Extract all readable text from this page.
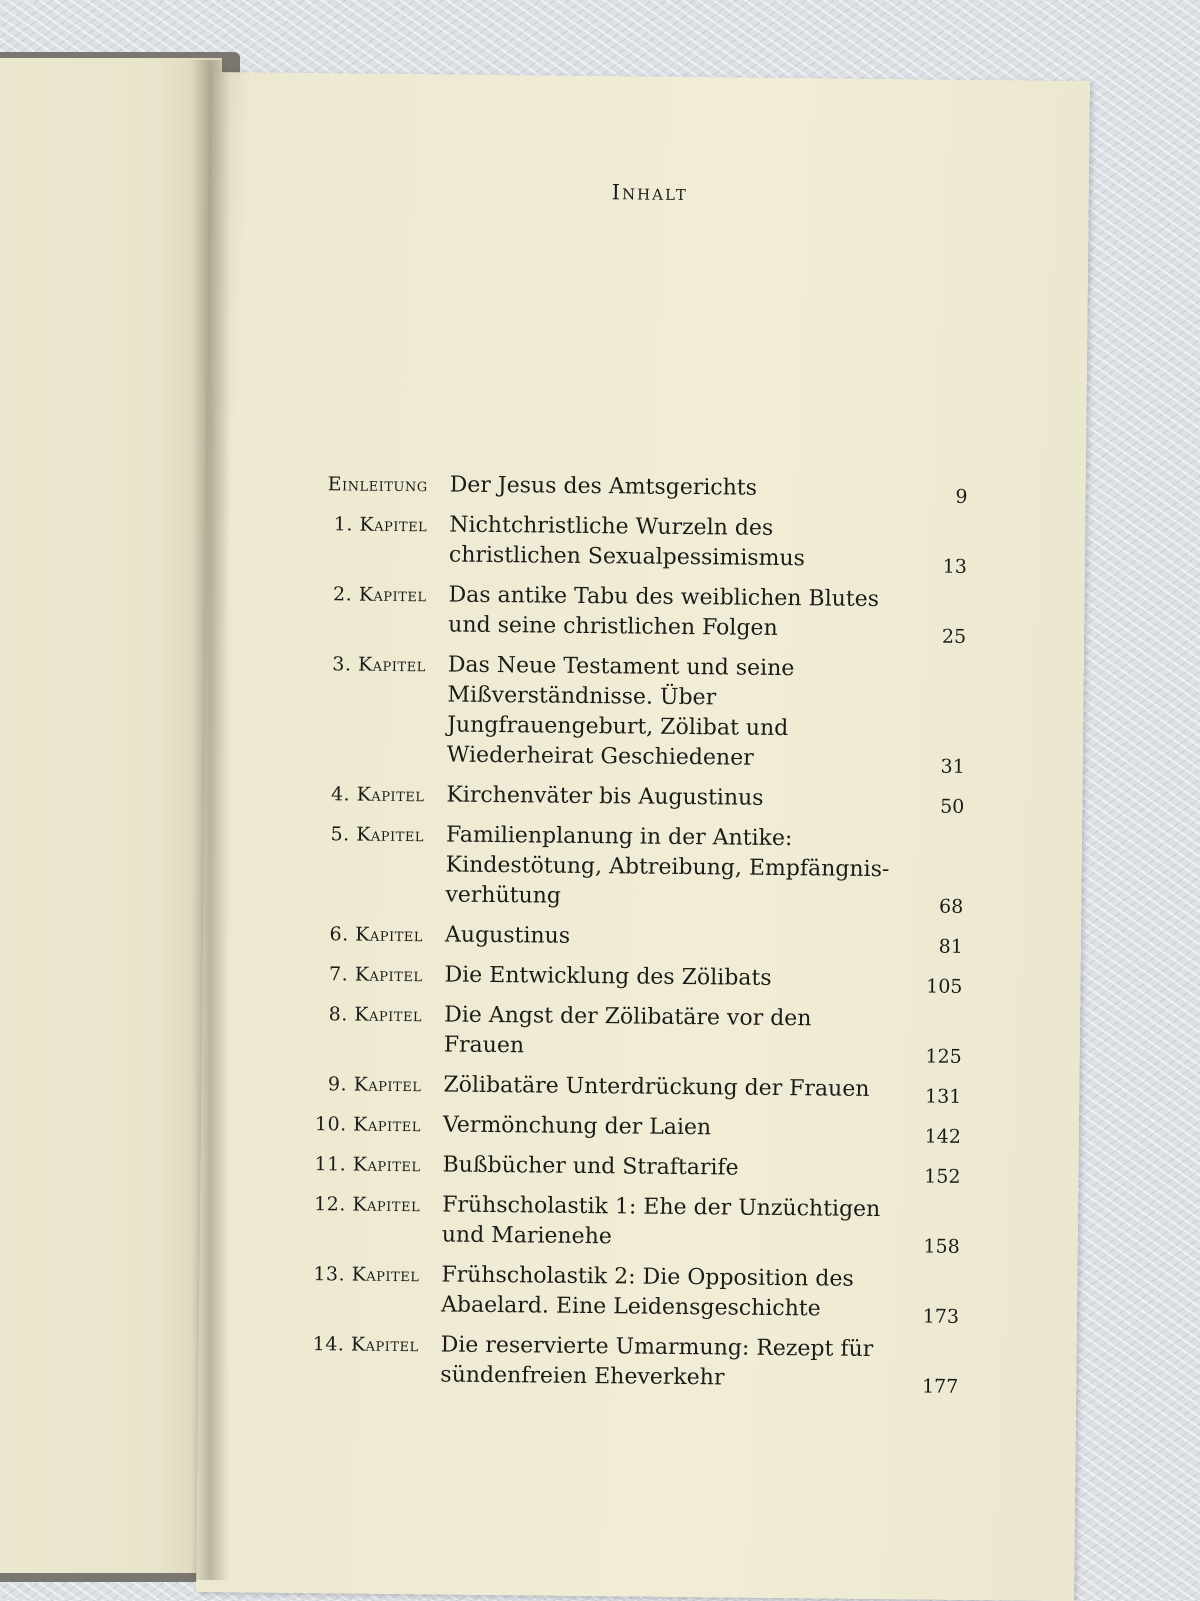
Inhalt
Einleitung Der Jesus des Amtsgerichts	9
1. Kapitel Nichtchristliche Wurzeln des christlichen Sexualpessimismus	13
2. Kapitel Das antike Tabu des weiblichen Blutes und seine christlichen Folgen	25
3. Kapitel Das Neue Testament und seine Mißverständnisse. Über Jungfrauengeburt, Zölibat und Wiederheirat Geschiedener	31
4. Kapitel Kirchenväter bis Augustinus	50
5. Kapitel Familienplanung in der Antike: Kindestötung, Abtreibung, Empfängnis-verhütung	68
6. Kapitel Augustinus	81
7. Kapitel Die Entwicklung des Zölibats	105
8. Kapitel Die Angst der Zölibatäre vor den Frauen	125
9. Kapitel Zölibatäre Unterdrückung der Frauen	131
10. Kapitel Vermönchung der Laien	142
11. Kapitel Bußbücher und Straftarife	152
12. Kapitel Frühscholastik 1: Ehe der Unzüchtigen und Marienehe	158
13. Kapitel Frühscholastik 2: Die Opposition des Abaelard. Eine Leidensgeschichte	173
14. Kapitel Die reservierte Umarmung: Rezept für sündenfreien Eheverkehr	177
